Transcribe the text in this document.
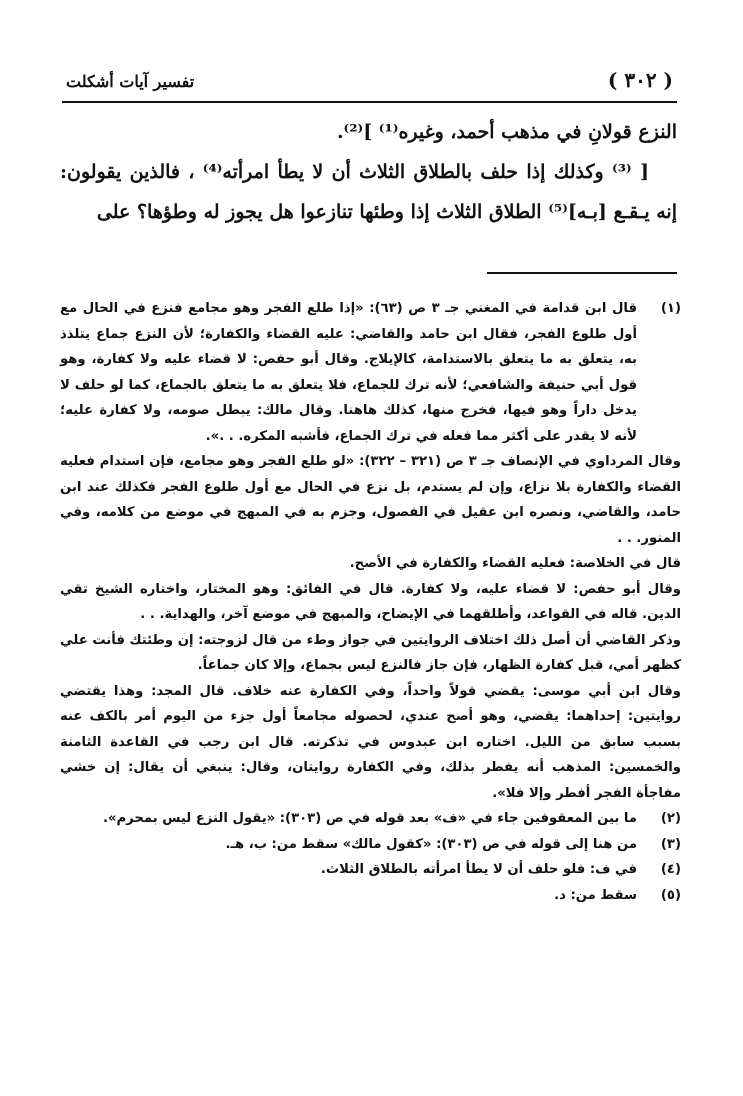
( ٣٠٢ )
تفسير آيات أشكلت

النزع قولانِ في مذهب أحمد، وغيره⁽¹⁾ ]⁽²⁾.

[ ⁽³⁾ وكذلك إذا حلف بالطلاق الثلاث أن لا يطأ امرأته⁽⁴⁾ ، فالذين يقولون: إنه يـقـع [بـه]⁽⁵⁾ الطلاق الثلاث إذا وطئها تنازعوا هل يجوز له وطؤها؟ على

(١)
قال ابن قدامة في المغني جـ ٣ ص (٦٣): «إذا طلع الفجر وهو مجامع فنزع في الحال مع أول طلوع الفجر، فقال ابن حامد والقاضي: عليه القضاء والكفارة؛ لأن النزع جماع يتلذذ به، يتعلق به ما يتعلق بالاستدامة، كالإيلاج. وقال أبو حفص: لا قضاء عليه ولا كفارة، وهو قول أبي حنيفة والشافعي؛ لأنه ترك للجماع، فلا يتعلق به ما يتعلق بالجماع، كما لو حلف لا يدخل داراً وهو فيها، فخرج منها، كذلك هاهنا. وقال مالك: يبطل صومه، ولا كفارة عليه؛ لأنه لا يقدر على أكثر مما فعله في ترك الجماع، فأشبه المكره. . .».

وقال المرداوي في الإنصاف جـ ٣ ص (٣٢١ – ٣٢٢): «لو طلع الفجر وهو مجامع، فإن استدام فعليه القضاء والكفارة بلا نزاع، وإن لم يستدم، بل نزع في الحال مع أول طلوع الفجر فكذلك عند ابن حامد، والقاضي، ونصره ابن عقيل في الفصول، وجزم به في المبهج في موضع من كلامه، وفي المنور. . .

قال في الخلاصة: فعليه القضاء والكفارة في الأصح.

وقال أبو حفص: لا قضاء عليه، ولا كفارة. قال في الفائق: وهو المختار، واختاره الشيخ تقي الدين. قاله في القواعد، وأطلقهما في الإيضاح، والمبهج في موضع آخر، والهداية. . .

وذكر القاضي أن أصل ذلك اختلاف الروايتين في جواز وطء من قال لزوجته: إن وطئتك فأنت علي كظهر أمي، قبل كفارة الظهار، فإن جاز فالنزع ليس بجماع، وإلا كان جماعاً.

وقال ابن أبي موسى: يقضي قولاً واحداً، وفي الكفارة عنه خلاف. قال المجد: وهذا يقتضي روايتين: إحداهما: يقضي، وهو أصح عندي، لحصوله مجامعاً أول جزء من اليوم أمر بالكف عنه بسبب سابق من الليل. اختاره ابن عبدوس في تذكرته. قال ابن رجب في القاعدة الثامنة والخمسين: المذهب أنه يفطر بذلك، وفي الكفارة روايتان، وقال: ينبغي أن يقال: إن خشي مفاجأة الفجر أفطر وإلا فلا».

(٢)
ما بين المعقوفين جاء في «ف» بعد قوله في ص (٣٠٣): «يقول النزع ليس بمحرم».

(٣)
من هنا إلى قوله في ص (٣٠٣): «كقول مالك» سقط من: ب، هـ.

(٤)
في ف: فلو حلف أن لا يطأ امرأته بالطلاق الثلاث.

(٥)
سقط من: د.
